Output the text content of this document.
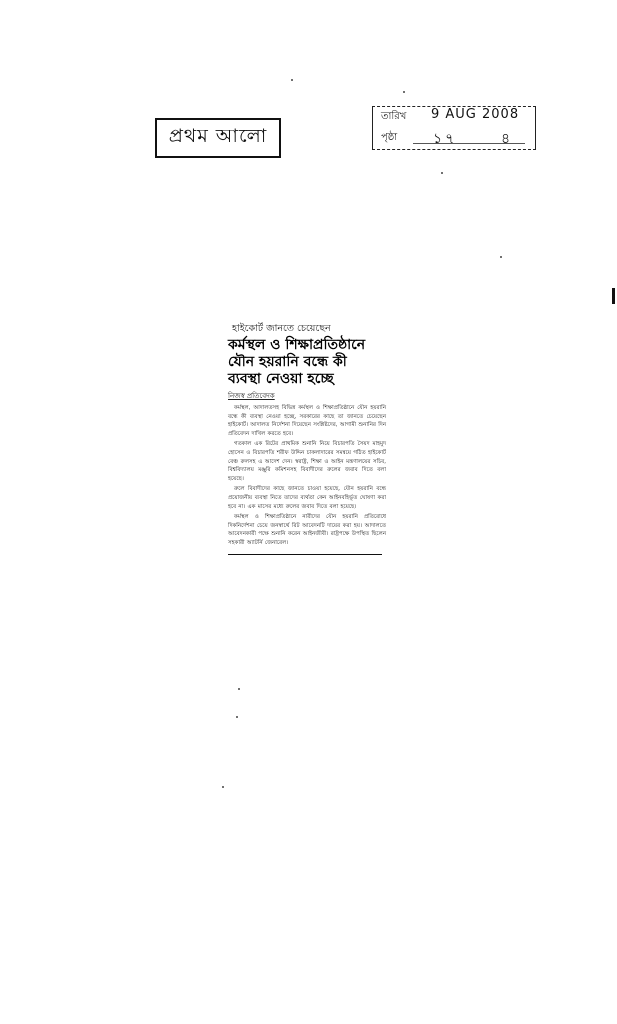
প্রথম আলো
তারিখ 9 AUG 2008
পৃষ্ঠা	১৭	৪
হাইকোর্ট জানতে চেয়েছেন
কর্মস্থল ও শিক্ষাপ্রতিষ্ঠানে
যৌন হয়রানি বন্ধে কী
ব্যবস্থা নেওয়া হচ্ছে
নিজস্ব প্রতিবেদক

কর্মস্থল, আদালতসহ বিভিন্ন কর্মস্থল ও শিক্ষাপ্রতিষ্ঠানে যৌন হয়রানি বন্ধে কী ব্যবস্থা নেওয়া হচ্ছে, সরকারের কাছে তা জানতে চেয়েছেন হাইকোর্ট। আদালত নির্দেশনা দিয়েছেন সংশ্লিষ্টদের, আগামী শুনানির দিন প্রতিবেদন দাখিল করতে হবে।

গতকাল এক রিটের প্রাথমিক শুনানি নিয়ে বিচারপতি সৈয়দ মাহমুদ হোসেন ও বিচারপতি শরীফ উদ্দিন চাকলাদারের সমন্বয়ে গঠিত হাইকোর্ট বেঞ্চ রুলসহ এ আদেশ দেন। স্বরাষ্ট্র, শিক্ষা ও আইন মন্ত্রণালয়ের সচিব, বিশ্ববিদ্যালয় মঞ্জুরি কমিশনসহ বিবাদীদের রুলের জবাব দিতে বলা হয়েছে।

রুলে বিবাদীদের কাছে জানতে চাওয়া হয়েছে, যৌন হয়রানি বন্ধে প্রয়োজনীয় ব্যবস্থা নিতে তাদের ব্যর্থতা কেন আইনবহির্ভূত ঘোষণা করা হবে না। এক মাসের মধ্যে রুলের জবাব দিতে বলা হয়েছে।

কর্মস্থল ও শিক্ষাপ্রতিষ্ঠানে নারীদের যৌন হয়রানি প্রতিরোধে দিকনির্দেশনা চেয়ে জনস্বার্থে রিট আবেদনটি দায়ের করা হয়। আদালতে আবেদনকারী পক্ষে শুনানি করেন আইনজীবী। রাষ্ট্রপক্ষে উপস্থিত ছিলেন সহকারী অ্যাটর্নি জেনারেল।
